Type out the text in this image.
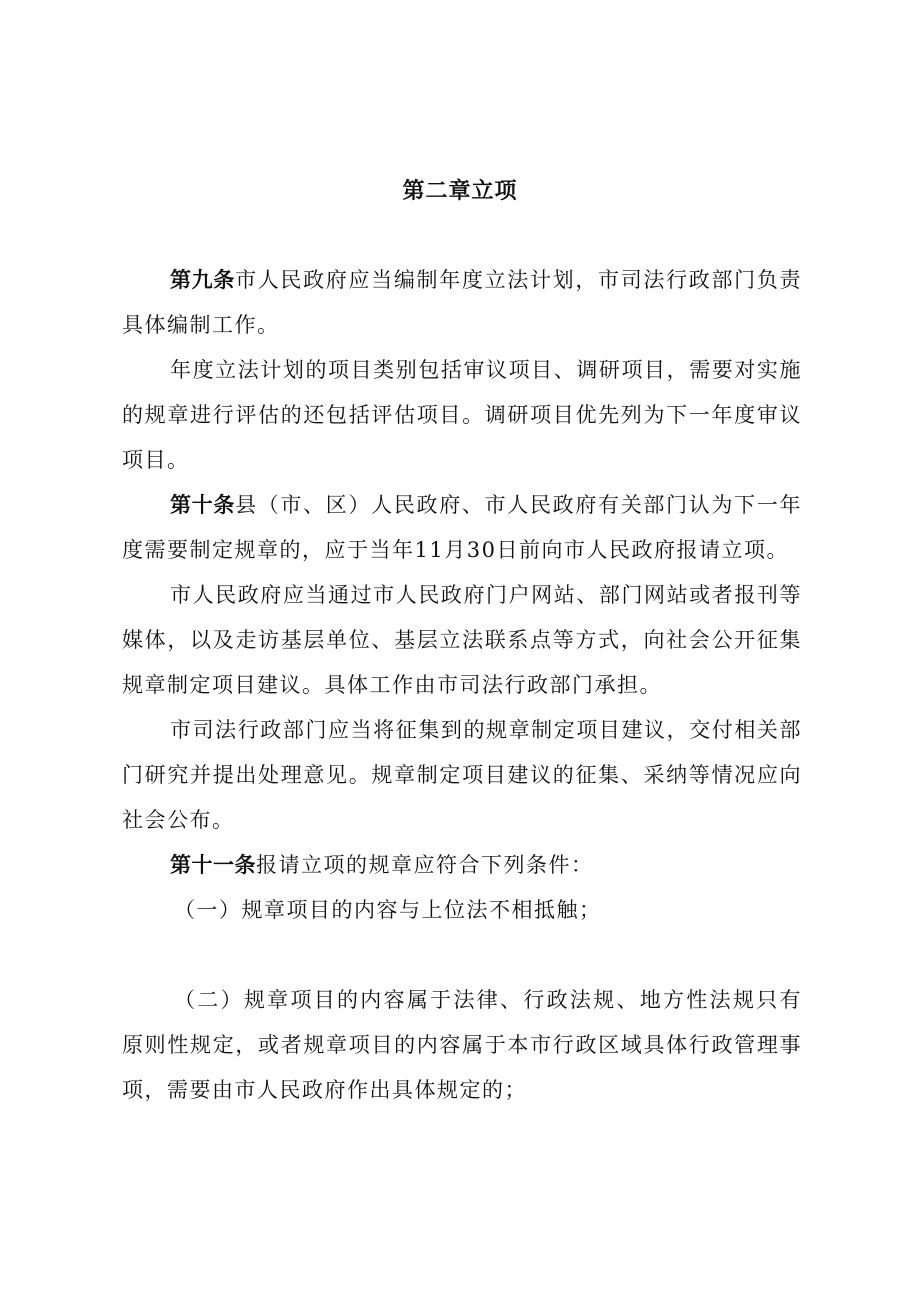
第二章立项

第九条市人民政府应当编制年度立法计划，市司法行政部门负责具体编制工作。

年度立法计划的项目类别包括审议项目、调研项目，需要对实施的规章进行评估的还包括评估项目。调研项目优先列为下一年度审议项目。

第十条县（市、区）人民政府、市人民政府有关部门认为下一年度需要制定规章的，应于当年11月30日前向市人民政府报请立项。

市人民政府应当通过市人民政府门户网站、部门网站或者报刊等媒体，以及走访基层单位、基层立法联系点等方式，向社会公开征集规章制定项目建议。具体工作由市司法行政部门承担。

市司法行政部门应当将征集到的规章制定项目建议，交付相关部门研究并提出处理意见。规章制定项目建议的征集、采纳等情况应向社会公布。

第十一条报请立项的规章应符合下列条件：

（一）规章项目的内容与上位法不相抵触；

（二）规章项目的内容属于法律、行政法规、地方性法规只有原则性规定，或者规章项目的内容属于本市行政区域具体行政管理事项，需要由市人民政府作出具体规定的；
